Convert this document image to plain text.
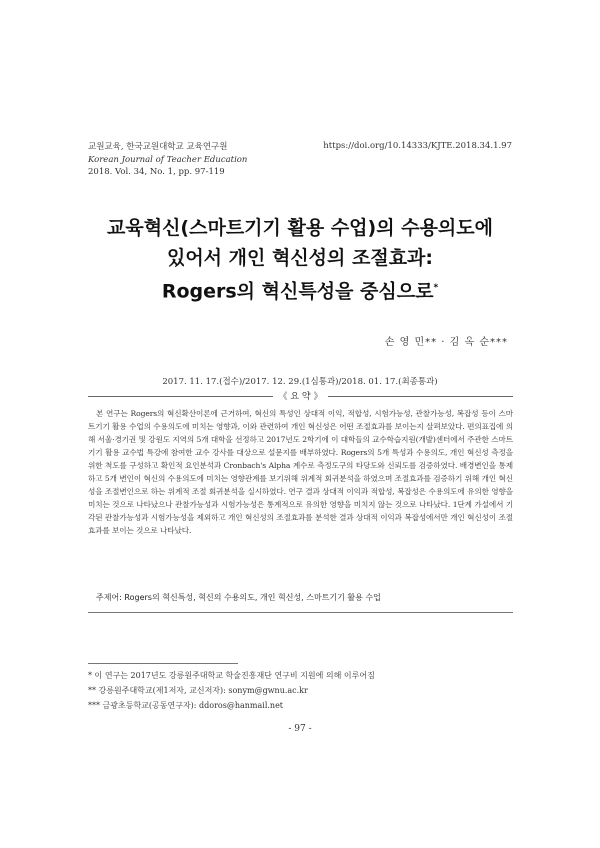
교원교육, 한국교원대학교 교육연구원
Korean Journal of Teacher Education
2018. Vol. 34, No. 1, pp. 97-119
https://doi.org/10.14333/KJTE.2018.34.1.97
교육혁신(스마트기기 활용 수업)의 수용의도에
있어서 개인 혁신성의 조절효과:
Rogers의 혁신특성을 중심으로*
손 영 민** · 김 옥 순***
2017. 11. 17.(접수)/2017. 12. 29.(1심통과)/2018. 01. 17.(최종통과)
《 요 약 》
본 연구는 Rogers의 혁신확산이론에 근거하여, 혁신의 특성인 상대적 이익, 적합성, 시험가능성, 관찰가능성, 복잡성 등이 스마트기기 활용 수업의 수용의도에 미치는 영향과, 이와 관련하여 개인 혁신성은 어떤 조절효과를 보이는지 살펴보았다. 편의표집에 의해 서울·경기권 및 강원도 지역의 5개 대학을 선정하고 2017년도 2학기에 이 대학들의 교수학습지원(개발)센터에서 주관한 스마트기기 활용 교수법 특강에 참여한 교수 강사를 대상으로 설문지를 배부하였다. Rogers의 5개 특성과 수용의도, 개인 혁신성 측정을 위한 척도를 구성하고 확인적 요인분석과 Cronbach's Alpha 계수로 측정도구의 타당도와 신뢰도를 검증하였다. 배경변인을 통제하고 5개 변인이 혁신의 수용의도에 미치는 영향관계를 보기위해 위계적 회귀분석을 하였으며 조절효과를 검증하기 위해 개인 혁신성을 조절변인으로 하는 위계적 조절 회귀분석을 실시하였다. 연구 결과 상대적 이익과 적합성, 복잡성은 수용의도에 유의한 영향을 미치는 것으로 나타났으나 관찰가능성과 시험가능성은 통계적으로 유의한 영향을 미치지 않는 것으로 나타났다. 1단계 가설에서 기각된 관찰가능성과 시험가능성을 제외하고 개인 혁신성의 조절효과를 분석한 결과 상대적 이익과 복잡성에서만 개인 혁신성이 조절효과를 보이는 것으로 나타났다.
주제어: Rogers의 혁신특성, 혁신의 수용의도, 개인 혁신성, 스마트기기 활용 수업
* 이 연구는 2017년도 강릉원주대학교 학술진흥재단 연구비 지원에 의해 이루어짐
** 강릉원주대학교(제1저자, 교신저자): sonym@gwnu.ac.kr
*** 금광초등학교(공동연구자): ddoros@hanmail.net
- 97 -
